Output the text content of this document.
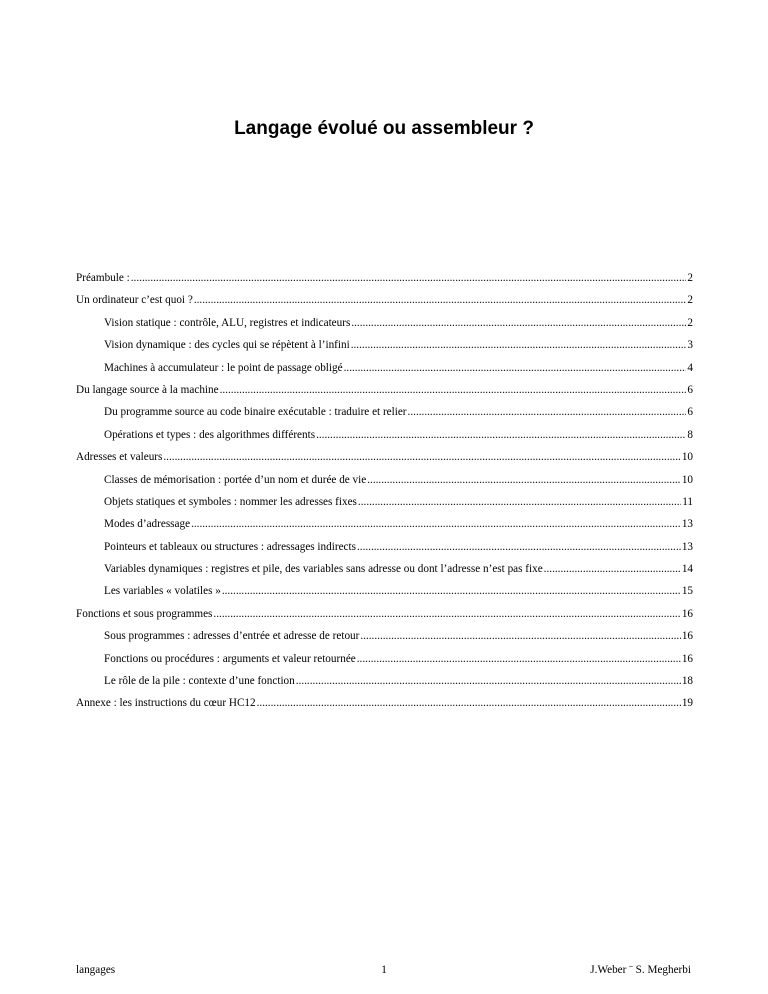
Langage évolué ou assembleur ?
Préambule : .....	2
Un ordinateur c’est quoi ? .....	2
Vision statique : contrôle, ALU, registres et indicateurs .....	2
Vision dynamique : des cycles qui se répètent à l’infini .....	3
Machines à accumulateur : le point de passage obligé .....	4
Du langage source à la machine .....	6
Du programme source au code binaire exécutable : traduire et relier .....	6
Opérations et types : des algorithmes différents .....	8
Adresses et valeurs .....	10
Classes de mémorisation : portée d’un nom et durée de vie .....	10
Objets statiques et symboles : nommer les adresses fixes .....	11
Modes d’adressage .....	13
Pointeurs et tableaux ou structures : adressages indirects .....	13
Variables dynamiques : registres et pile, des variables sans adresse ou dont l’adresse n’est pas fixe .....	14
Les variables « volatiles » .....	15
Fonctions et sous programmes .....	16
Sous programmes : adresses d’entrée et adresse de retour .....	16
Fonctions ou procédures : arguments et valeur retournée .....	16
Le rôle de la pile : contexte d’une fonction .....	18
Annexe : les instructions du cœur HC12 .....	19
langages	1	J.Weber ¨ S. Megherbi
